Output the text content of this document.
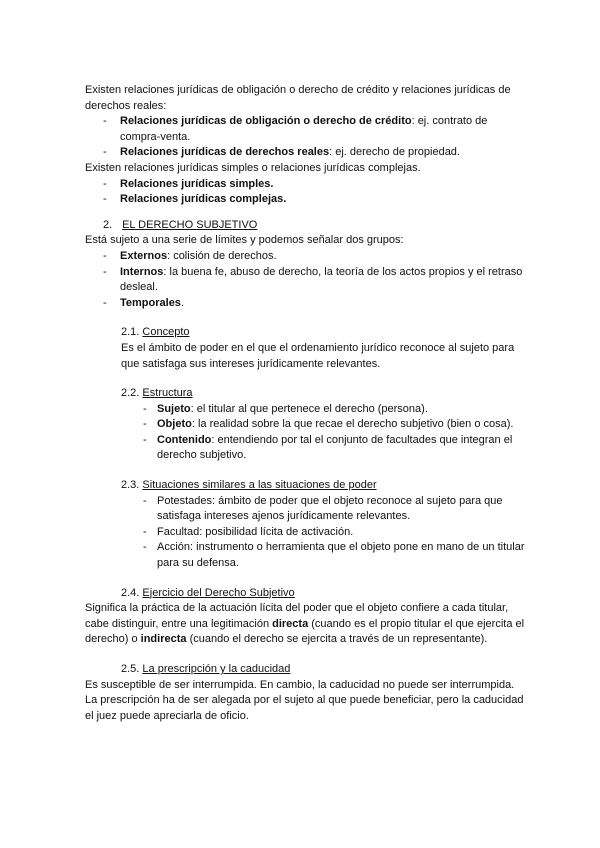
Existen relaciones jurídicas de obligación o derecho de crédito y relaciones jurídicas de derechos reales:

- Relaciones jurídicas de obligación o derecho de crédito: ej. contrato de compra-venta.
- Relaciones jurídicas de derechos reales: ej. derecho de propiedad.

Existen relaciones jurídicas simples o relaciones jurídicas complejas.

- Relaciones jurídicas simples.
- Relaciones jurídicas complejas.
2. EL DERECHO SUBJETIVO

Está sujeto a una serie de límites y podemos señalar dos grupos:

- Externos: colisión de derechos.
- Internos: la buena fe, abuso de derecho, la teoría de los actos propios y el retraso desleal.
- Temporales.
2.1. Concepto

Es el ámbito de poder en el que el ordenamiento jurídico reconoce al sujeto para que satisfaga sus intereses jurídicamente relevantes.

2.2. Estructura
- Sujeto: el titular al que pertenece el derecho (persona).
- Objeto: la realidad sobre la que recae el derecho subjetivo (bien o cosa).
- Contenido: entendiendo por tal el conjunto de facultades que integran el derecho subjetivo.
2.3. Situaciones similares a las situaciones de poder
- Potestades: ámbito de poder que el objeto reconoce al sujeto para que satisfaga intereses ajenos jurídicamente relevantes.
- Facultad: posibilidad lícita de activación.
- Acción: instrumento o herramienta que el objeto pone en mano de un titular para su defensa.
2.4. Ejercicio del Derecho Subjetivo

Significa la práctica de la actuación lícita del poder que el objeto confiere a cada titular, cabe distinguir, entre una legitimación directa (cuando es el propio titular el que ejercita el derecho) o indirecta (cuando el derecho se ejercita a través de un representante).

2.5. La prescripción y la caducidad

Es susceptible de ser interrumpida. En cambio, la caducidad no puede ser interrumpida.

La prescripción ha de ser alegada por el sujeto al que puede beneficiar, pero la caducidad el juez puede apreciarla de oficio.
